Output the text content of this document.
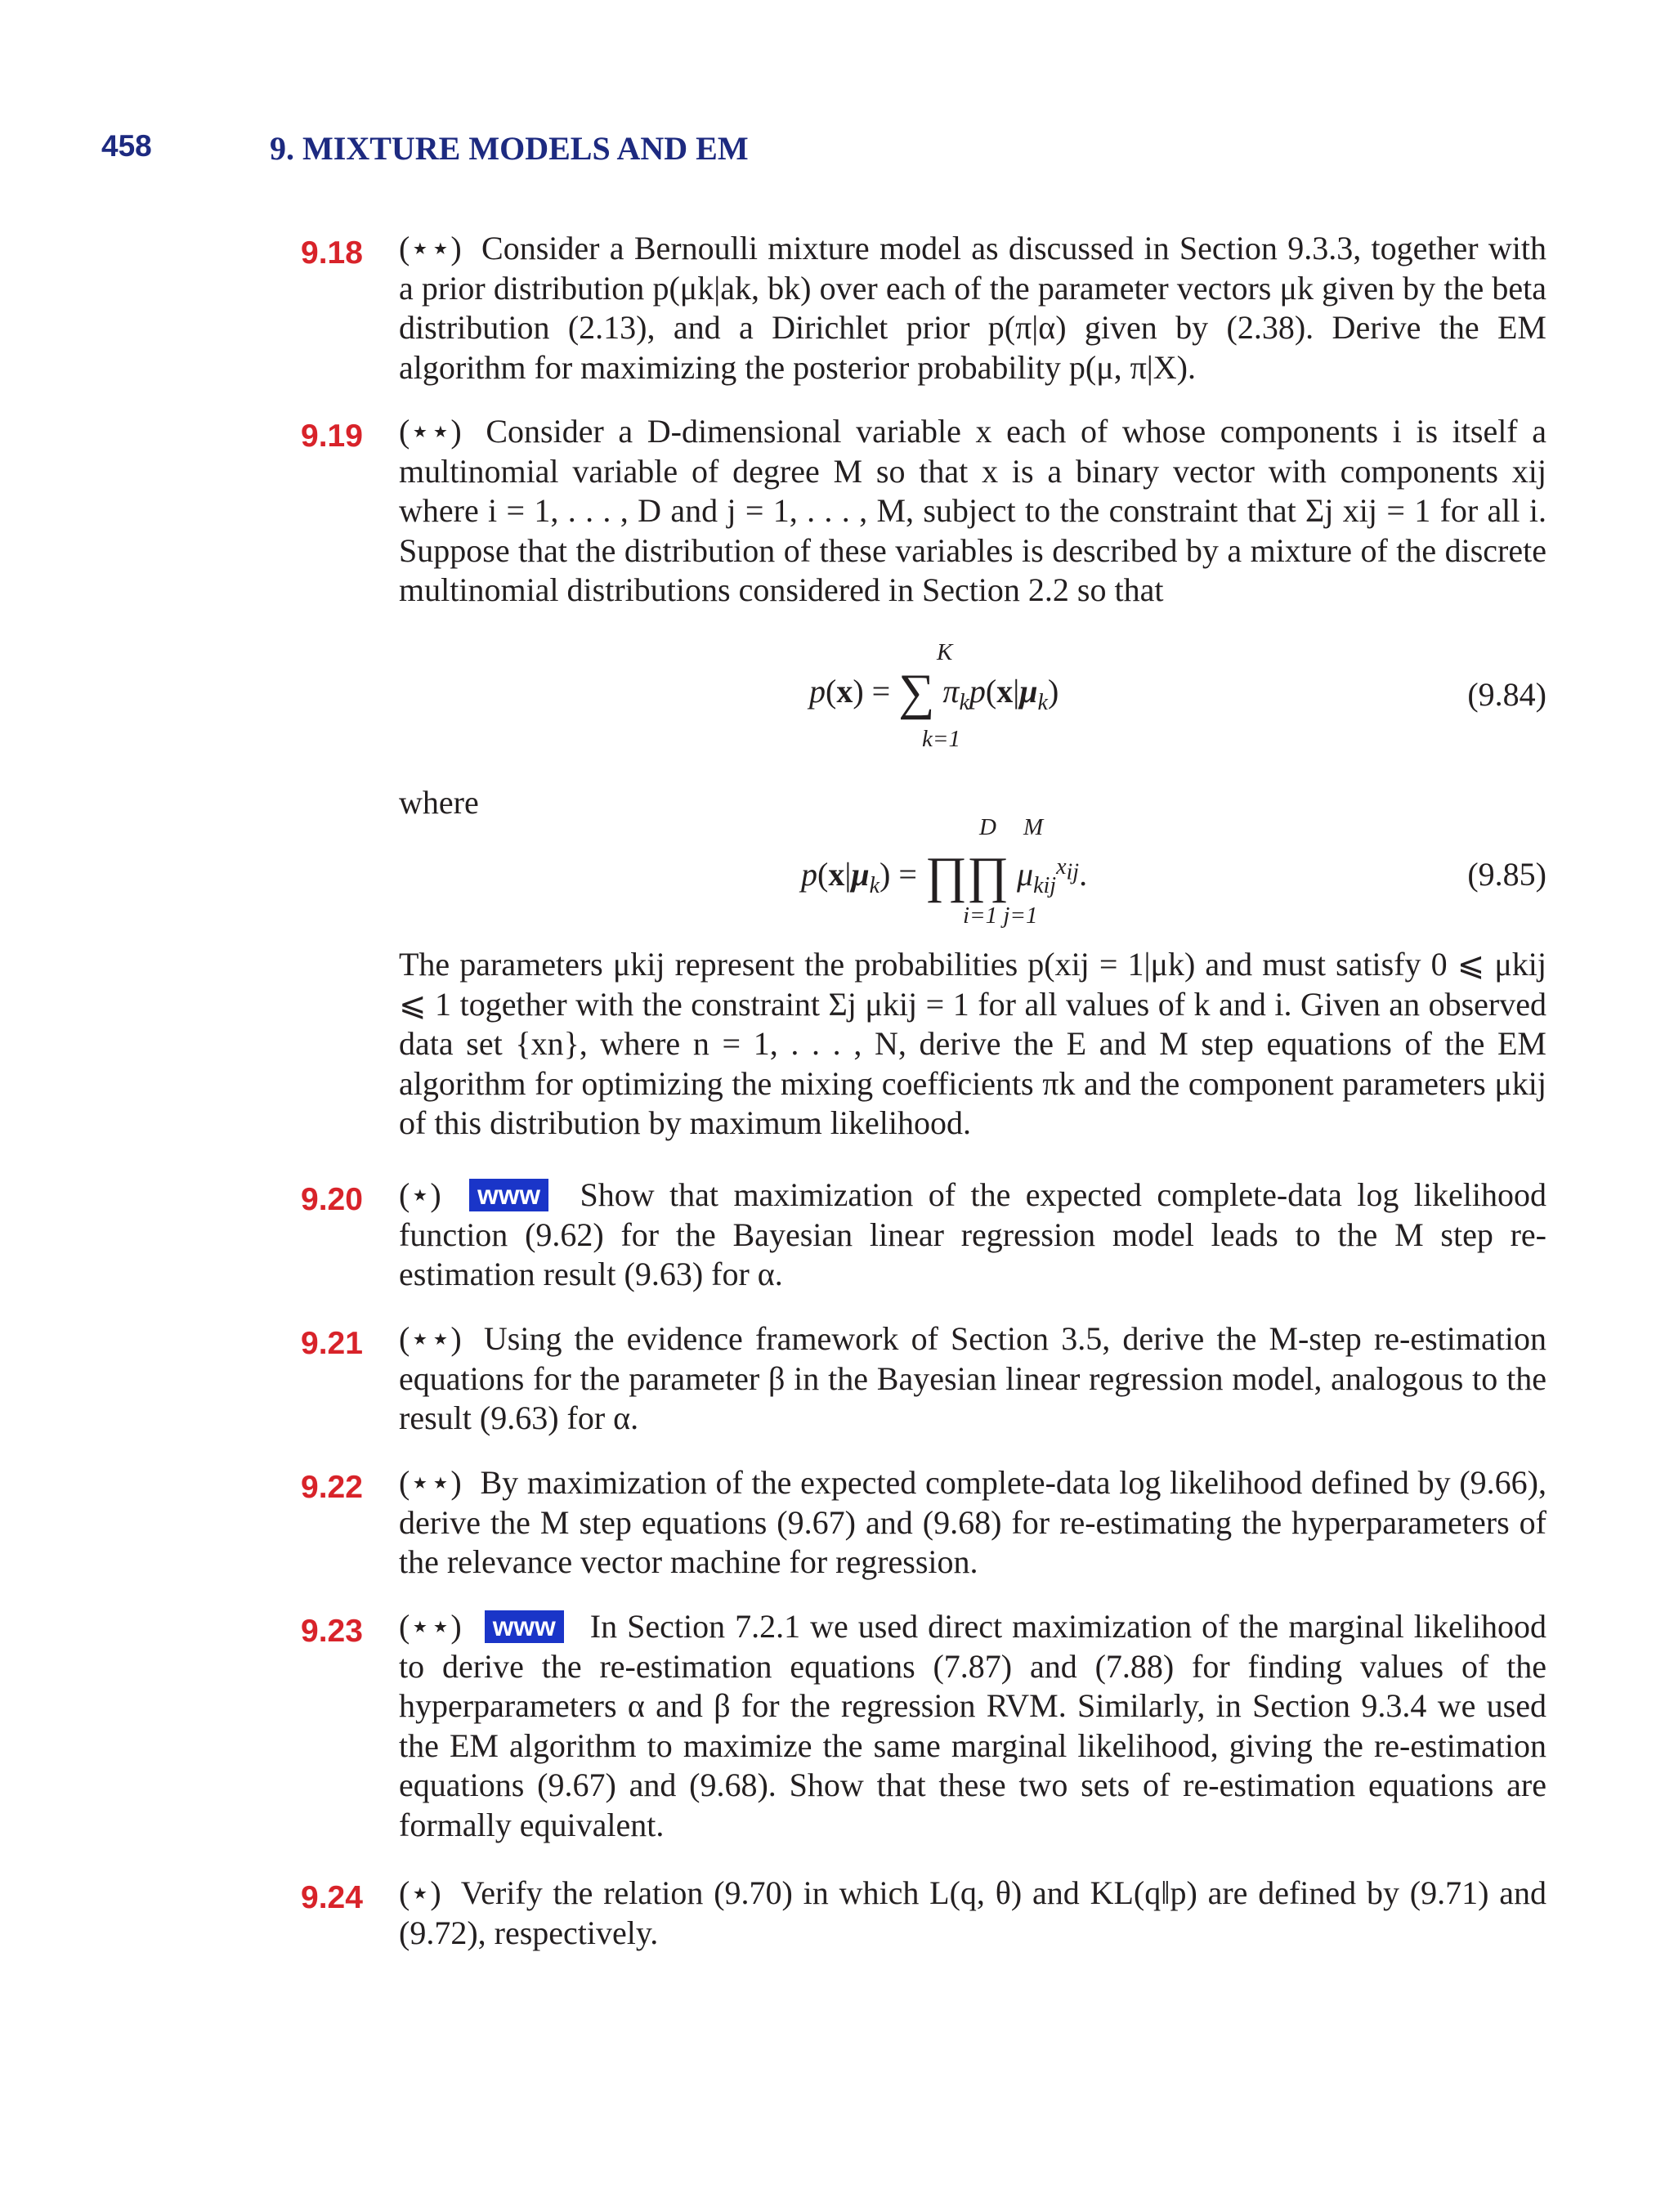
458	9. MIXTURE MODELS AND EM
9.18 (⋆⋆) Consider a Bernoulli mixture model as discussed in Section 9.3.3, together with a prior distribution p(μk|ak, bk) over each of the parameter vectors μk given by the beta distribution (2.13), and a Dirichlet prior p(π|α) given by (2.38). Derive the EM algorithm for maximizing the posterior probability p(μ, π|X).
9.19 (⋆⋆) Consider a D-dimensional variable x each of whose components i is itself a multinomial variable of degree M so that x is a binary vector with components xij where i = 1, . . . , D and j = 1, . . . , M, subject to the constraint that Σj xij = 1 for all i. Suppose that the distribution of these variables is described by a mixture of the discrete multinomial distributions considered in Section 2.2 so that
p(x) = ∑ $\pi_kp(x|\mu_k)$
K
k=1
(9.84)
where
$p(x|\mu_k)$ = ∏∏ $\mu_{kij}^{x_{ij}}$.
D M
i=1 j=1
(9.85)
The parameters μkij represent the probabilities p(xij = 1|μk) and must satisfy 0 ⩽ μkij ⩽ 1 together with the constraint Σj μkij = 1 for all values of k and i. Given an observed data set {xn}, where n = 1, . . . , N, derive the E and M step equations of the EM algorithm for optimizing the mixing coefficients πk and the component parameters μkij of this distribution by maximum likelihood.
9.20 (⋆) www Show that maximization of the expected complete-data log likelihood function (9.62) for the Bayesian linear regression model leads to the M step re-estimation result (9.63) for α.
9.21 (⋆⋆) Using the evidence framework of Section 3.5, derive the M-step re-estimation equations for the parameter β in the Bayesian linear regression model, analogous to the result (9.63) for α.
9.22 (⋆⋆) By maximization of the expected complete-data log likelihood defined by (9.66), derive the M step equations (9.67) and (9.68) for re-estimating the hyperparameters of the relevance vector machine for regression.
9.23 (⋆⋆) www In Section 7.2.1 we used direct maximization of the marginal likelihood to derive the re-estimation equations (7.87) and (7.88) for finding values of the hyperparameters α and β for the regression RVM. Similarly, in Section 9.3.4 we used the EM algorithm to maximize the same marginal likelihood, giving the re-estimation equations (9.67) and (9.68). Show that these two sets of re-estimation equations are formally equivalent.
9.24 (⋆) Verify the relation (9.70) in which L(q, θ) and KL(q‖p) are defined by (9.71) and (9.72), respectively.
